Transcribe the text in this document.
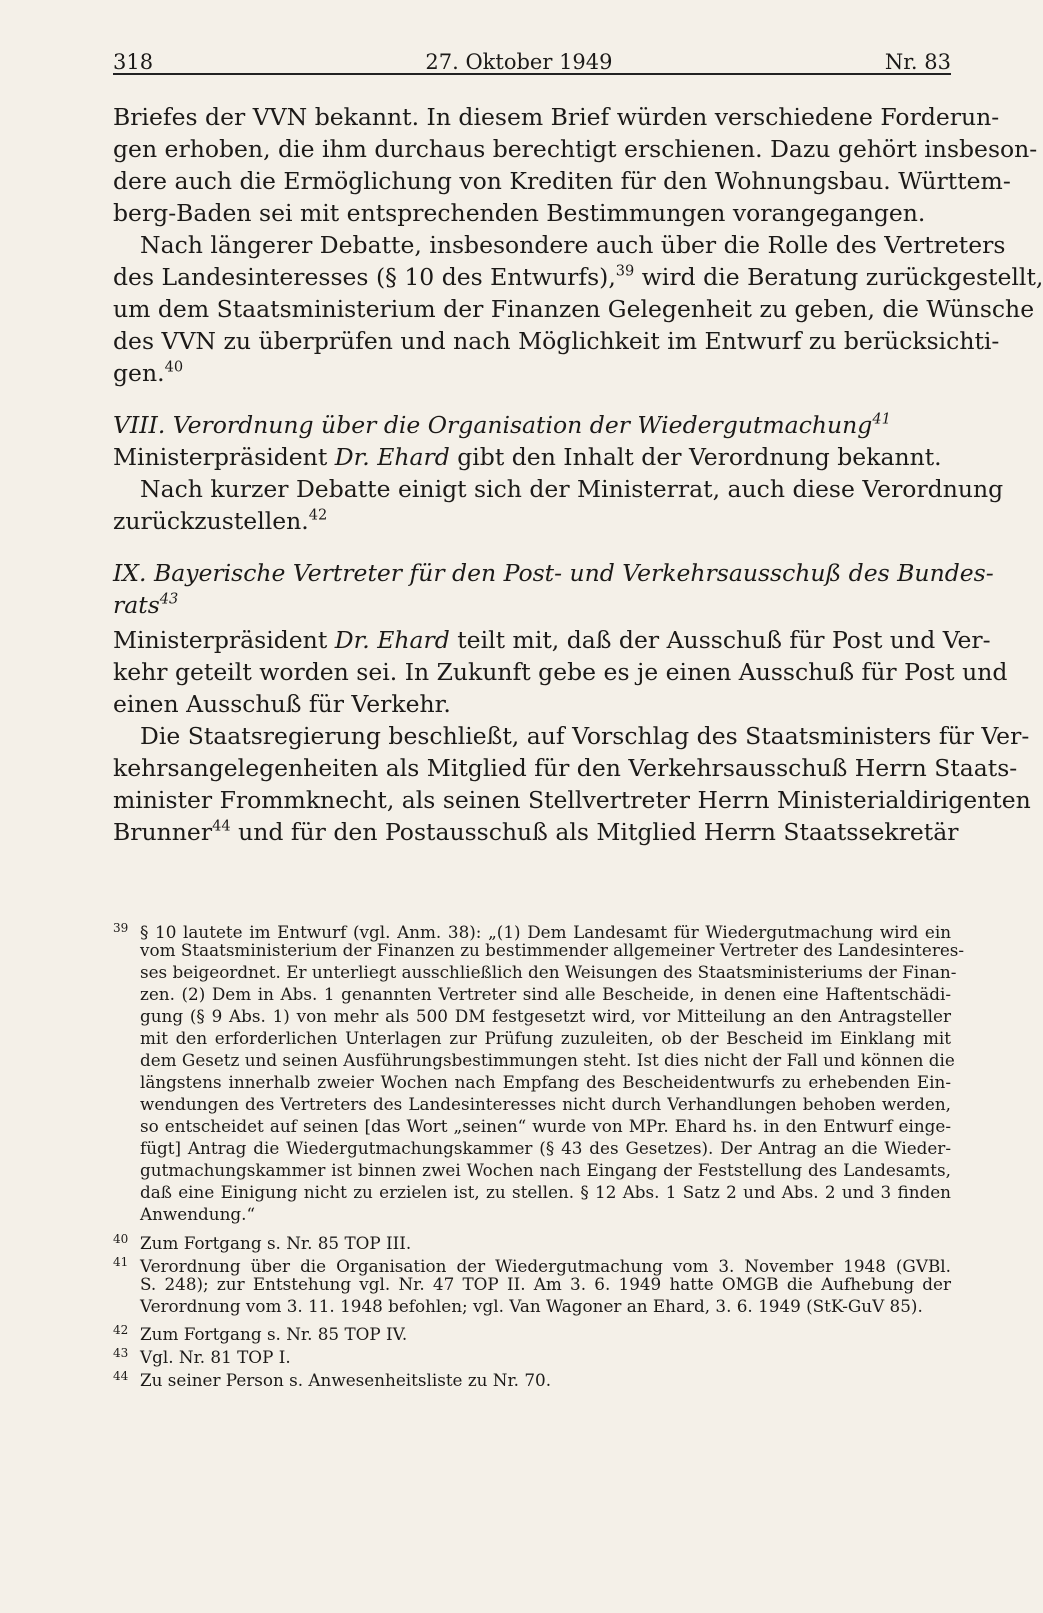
318	27. Oktober 1949	Nr. 83
Briefes der VVN bekannt. In diesem Brief würden verschiedene Forderun-
gen erhoben, die ihm durchaus berechtigt erschienen. Dazu gehört insbeson-
dere auch die Ermöglichung von Krediten für den Wohnungsbau. Württem-
berg-Baden sei mit entsprechenden Bestimmungen vorangegangen.
Nach längerer Debatte, insbesondere auch über die Rolle des Vertreters
des Landesinteresses (§ 10 des Entwurfs),$^{39}$ wird die Beratung zurückgestellt,
um dem Staatsministerium der Finanzen Gelegenheit zu geben, die Wünsche
des VVN zu überprüfen und nach Möglichkeit im Entwurf zu berücksichti-
gen.$^{40}$
VIII. Verordnung über die Organisation der Wiedergutmachung$^{41}$
Ministerpräsident Dr. Ehard gibt den Inhalt der Verordnung bekannt.
Nach kurzer Debatte einigt sich der Ministerrat, auch diese Verordnung
zurückzustellen.$^{42}$
IX. Bayerische Vertreter für den Post- und Verkehrsausschuß des Bundes-
rats$^{43}$
Ministerpräsident Dr. Ehard teilt mit, daß der Ausschuß für Post und Ver-
kehr geteilt worden sei. In Zukunft gebe es je einen Ausschuß für Post und
einen Ausschuß für Verkehr.
Die Staatsregierung beschließt, auf Vorschlag des Staatsministers für Ver-
kehrsangelegenheiten als Mitglied für den Verkehrsausschuß Herrn Staats-
minister Frommknecht, als seinen Stellvertreter Herrn Ministerialdirigenten
Brunner$^{44}$ und für den Postausschuß als Mitglied Herrn Staatssekretär
39 § 10 lautete im Entwurf (vgl. Anm. 38): „(1) Dem Landesamt für Wiedergutmachung wird ein
vom Staatsministerium der Finanzen zu bestimmender allgemeiner Vertreter des Landesinteres-
ses beigeordnet. Er unterliegt ausschließlich den Weisungen des Staatsministeriums der Finan-
zen. (2) Dem in Abs. 1 genannten Vertreter sind alle Bescheide, in denen eine Haftentschädi-
gung (§ 9 Abs. 1) von mehr als 500 DM festgesetzt wird, vor Mitteilung an den Antragsteller
mit den erforderlichen Unterlagen zur Prüfung zuzuleiten, ob der Bescheid im Einklang mit
dem Gesetz und seinen Ausführungsbestimmungen steht. Ist dies nicht der Fall und können die
längstens innerhalb zweier Wochen nach Empfang des Bescheidentwurfs zu erhebenden Ein-
wendungen des Vertreters des Landesinteresses nicht durch Verhandlungen behoben werden,
so entscheidet auf seinen [das Wort „seinen“ wurde von MPr. Ehard hs. in den Entwurf einge-
fügt] Antrag die Wiedergutmachungskammer (§ 43 des Gesetzes). Der Antrag an die Wieder-
gutmachungskammer ist binnen zwei Wochen nach Eingang der Feststellung des Landesamts,
daß eine Einigung nicht zu erzielen ist, zu stellen. § 12 Abs. 1 Satz 2 und Abs. 2 und 3 finden
Anwendung.“
40 Zum Fortgang s. Nr. 85 TOP III.
41 Verordnung über die Organisation der Wiedergutmachung vom 3. November 1948 (GVBl.
S. 248); zur Entstehung vgl. Nr. 47 TOP II. Am 3. 6. 1949 hatte OMGB die Aufhebung der
Verordnung vom 3. 11. 1948 befohlen; vgl. Van Wagoner an Ehard, 3. 6. 1949 (StK-GuV 85).
42 Zum Fortgang s. Nr. 85 TOP IV.
43 Vgl. Nr. 81 TOP I.
44 Zu seiner Person s. Anwesenheitsliste zu Nr. 70.
